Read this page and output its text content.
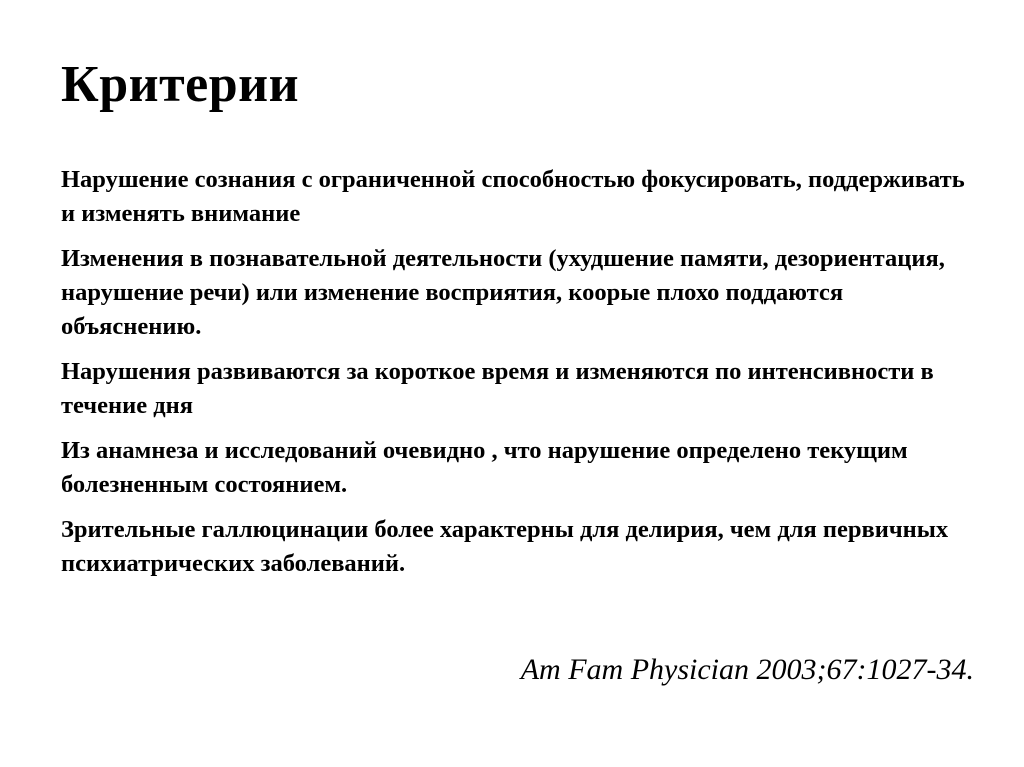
Критерии
Нарушение сознания с ограниченной способностью фокусировать, поддерживать и изменять внимание
Изменения в познавательной деятельности (ухудшение памяти, дезориентация, нарушение речи) или изменение восприятия, коорые плохо поддаются объяснению.
Нарушения развиваются за короткое время и изменяются по интенсивности в течение дня
Из анамнеза и исследований очевидно , что нарушение определено текущим болезненным состоянием.
Зрительные галлюцинации более характерны для делирия, чем для первичных психиатрических заболеваний.

Am Fam Physician 2003;67:1027-34.
